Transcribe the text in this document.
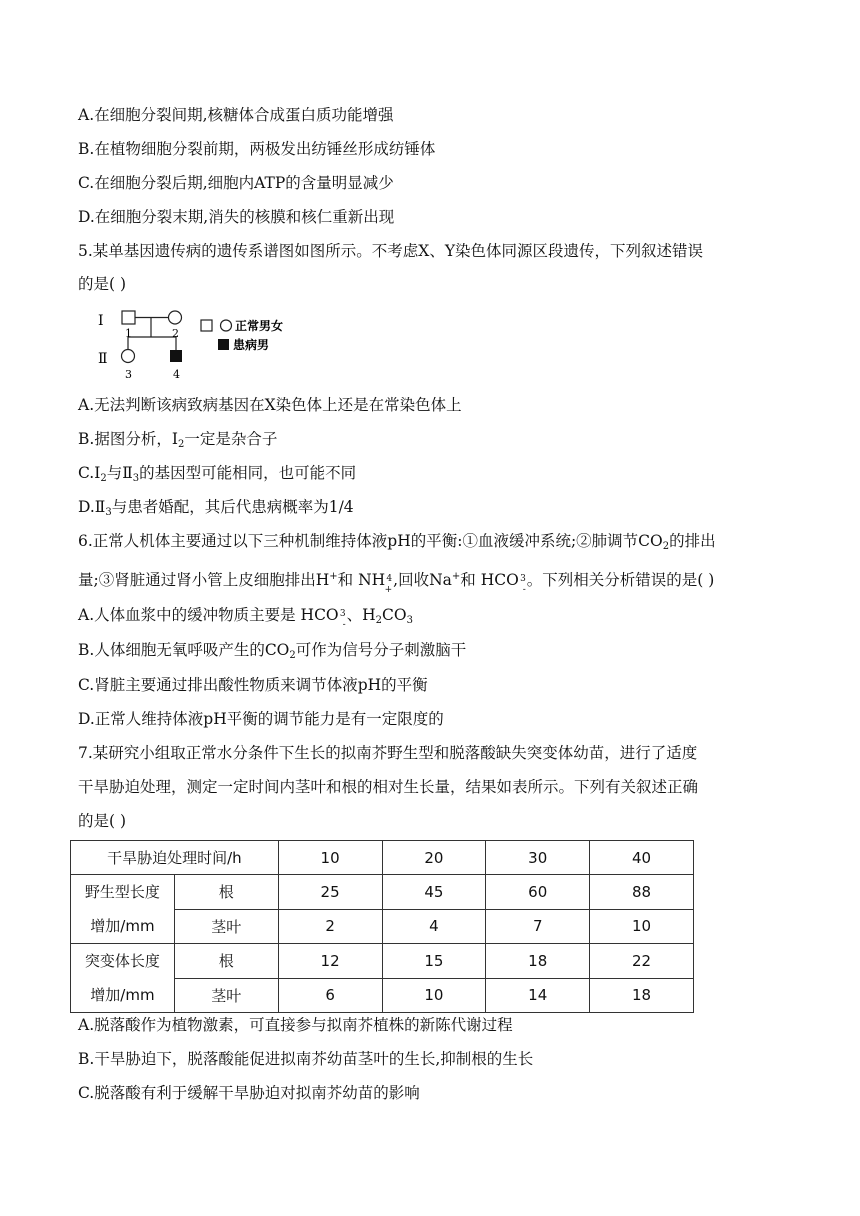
A.在细胞分裂间期,核糖体合成蛋白质功能增强
B.在植物细胞分裂前期，两极发出纺锤丝形成纺锤体
C.在细胞分裂后期,细胞内ATP的含量明显减少
D.在细胞分裂末期,消失的核膜和核仁重新出现
5.某单基因遗传病的遗传系谱图如图所示。不考虑X、Y染色体同源区段遗传，下列叙述错误
的是( )
Ⅰ
Ⅱ
1	2
3	4
正常男女
患病男
A.无法判断该病致病基因在X染色体上还是在常染色体上
B.据图分析，$Ⅰ_2$一定是杂合子
$C.Ⅰ_2$与$Ⅱ_3$的基因型可能相同，也可能不同
$D.Ⅱ_3$与患者婚配，其后代患病概率为1/4
6.正常人机体主要通过以下三种机制维持体液pH的平衡:①血液缓冲系统;②肺调节$CO_2$的排出
量;③肾脏通过肾小管上皮细胞排出H+和 NH
+
4 ,回收Na+和 HCO
-
3 。下列相关分析错误的是( )
A.人体血浆中的缓冲物质主要是 HCO
-
3 、$H_2CO_3$
B.人体细胞无氧呼吸产生的$CO_2$可作为信号分子刺激脑干
C.肾脏主要通过排出酸性物质来调节体液pH的平衡
D.正常人维持体液pH平衡的调节能力是有一定限度的
7.某研究小组取正常水分条件下生长的拟南芥野生型和脱落酸缺失突变体幼苗，进行了适度
干旱胁迫处理，测定一定时间内茎叶和根的相对生长量，结果如表所示。下列有关叙述正确
的是( )
干旱胁迫处理时间/h		10	20	30	40
野生型长度
增加/mm	根	25	45	60	88
	茎叶	2	4	7	10
突变体长度
增加/mm	根	12	15	18	22
	茎叶	6	10	14	18
A.脱落酸作为植物激素，可直接参与拟南芥植株的新陈代谢过程
B.干旱胁迫下，脱落酸能促进拟南芥幼苗茎叶的生长,抑制根的生长
C.脱落酸有利于缓解干旱胁迫对拟南芥幼苗的影响
